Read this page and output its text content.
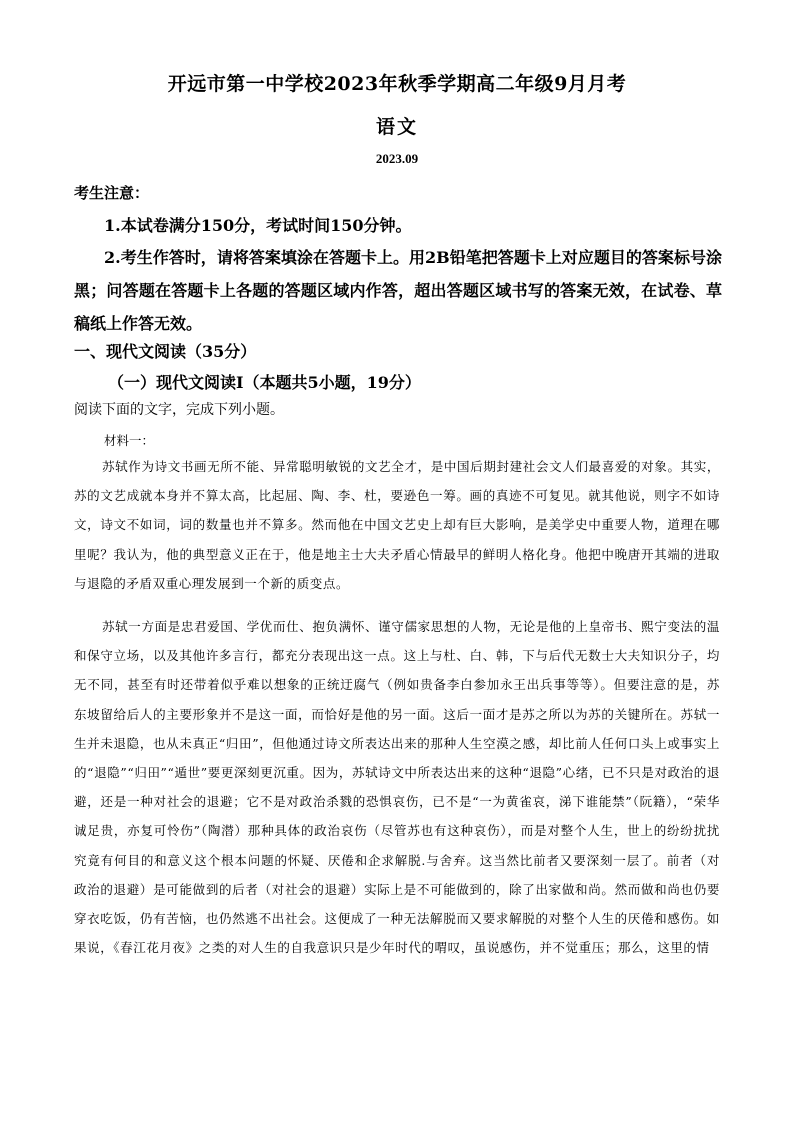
开远市第一中学校2023年秋季学期高二年级9月月考
语文
2023.09

考生注意：

1.本试卷满分150分，考试时间150分钟。

2.考生作答时，请将答案填涂在答题卡上。用2B铅笔把答题卡上对应题目的答案标号涂黑；问答题在答题卡上各题的答题区域内作答，超出答题区域书写的答案无效，在试卷、草稿纸上作答无效。

一、现代文阅读（35分）

（一）现代文阅读Ⅰ（本题共5小题，19分）

阅读下面的文字，完成下列小题。

材料一：

苏轼作为诗文书画无所不能、异常聪明敏锐的文艺全才，是中国后期封建社会文人们最喜爱的对象。其实，苏的文艺成就本身并不算太高，比起屈、陶、李、杜，要逊色一筹。画的真迹不可复见。就其他说，则字不如诗文，诗文不如词，词的数量也并不算多。然而他在中国文艺史上却有巨大影响，是美学史中重要人物，道理在哪里呢？我认为，他的典型意义正在于，他是地主士大夫矛盾心情最早的鲜明人格化身。他把中晚唐开其端的进取与退隐的矛盾双重心理发展到一个新的质变点。

苏轼一方面是忠君爱国、学优而仕、抱负满怀、谨守儒家思想的人物，无论是他的上皇帝书、熙宁变法的温和保守立场，以及其他许多言行，都充分表现出这一点。这上与杜、白、韩，下与后代无数士大夫知识分子，均无不同，甚至有时还带着似乎难以想象的正统迂腐气（例如贵备李白参加永王出兵事等等）。但要注意的是，苏东坡留给后人的主要形象并不是这一面，而恰好是他的另一面。这后一面才是苏之所以为苏的关键所在。苏轼一生并未退隐，也从未真正“归田”，但他通过诗文所表达出来的那种人生空漠之感，却比前人任何口头上或事实上的“退隐”“归田”“遁世”要更深刻更沉重。因为，苏轼诗文中所表达出来的这种“退隐”心绪，已不只是对政治的退避，还是一种对社会的退避；它不是对政治杀戮的恐惧哀伤，已不是“一为黄雀哀，涕下谁能禁”（阮籍），“荣华诚足贵，亦复可怜伤”（陶潜）那种具体的政治哀伤（尽管苏也有这种哀伤），而是对整个人生，世上的纷纷扰扰究竟有何目的和意义这个根本问题的怀疑、厌倦和企求解脱.与舍弃。这当然比前者又要深刻一层了。前者（对政治的退避）是可能做到的后者（对社会的退避）实际上是不可能做到的，除了出家做和尚。然而做和尚也仍要穿衣吃饭，仍有苦恼，也仍然逃不出社会。这便成了一种无法解脱而又要求解脱的对整个人生的厌倦和感伤。如果说，《春江花月夜》之类的对人生的自我意识只是少年时代的喟叹，虽说感伤，并不觉重压；那么，这里的情
